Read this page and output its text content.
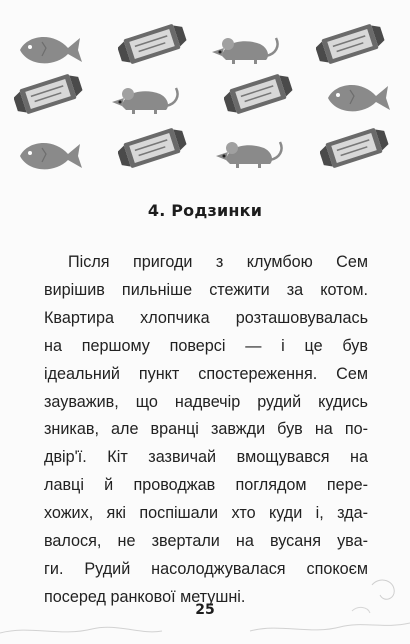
4. Родзинки
Після пригоди з клумбою Сем
вирішив пильніше стежити за котом.
Квартира хлопчика розташовувалась
на першому поверсі — і це був
ідеальний пункт спостереження. Сем
зауважив, що надвечір рудий кудись
зникав, але вранці завжди був на по-
двір'ї. Кіт зазвичай вмощувався на
лавці й проводжав поглядом пере-
хожих, які поспішали хто куди і, зда-
валося, не звертали на вусаня ува-
ги. Рудий насолоджувалася спокоєм
посеред ранкової метушні.
25
